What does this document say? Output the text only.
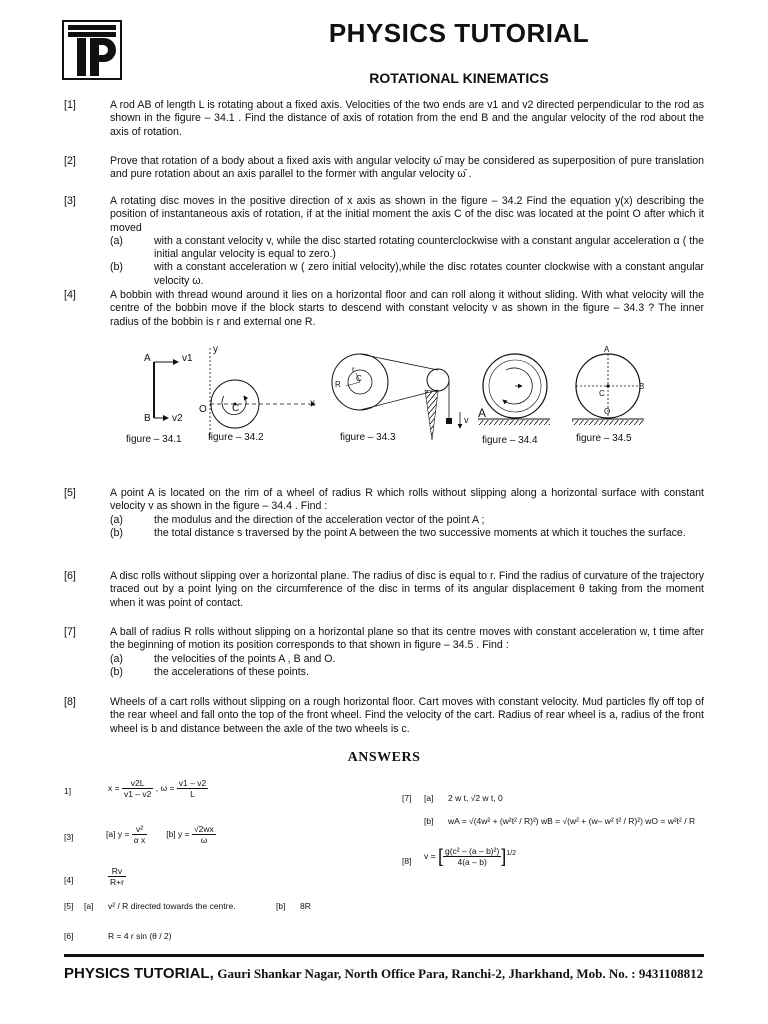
PHYSICS TUTORIAL
ROTATIONAL KINEMATICS
[1]	A rod AB of length L is rotating about a fixed axis. Velocities of the two ends are v1 and v2 directed perpendicular to the rod as shown in the figure – 34.1 . Find the distance of axis of rotation from the end B and the angular velocity of the rod about the axis of rotation.
[2]	Prove that rotation of a body about a fixed axis with angular velocity ω̄ may be considered as superposition of pure translation and pure rotation about an axis parallel to the former with angular velocity ω̄ .
[3]	A rotating disc moves in the positive direction of x axis as shown in the figure – 34.2 Find the equation y(x) describing the position of instantaneous axis of rotation, if at the initial moment the axis C of the disc was located at the point O after which it moved
(a)	with a constant velocity v, while the disc started rotating counterclockwise with a constant angular acceleration α ( the initial angular velocity is equal to zero.)
(b)	with a constant acceleration w ( zero initial velocity),while the disc rotates counter clockwise with a constant angular velocity ω.
[4]	A bobbin with thread wound around it lies on a horizontal floor and can roll along it without sliding. With what velocity will the centre of the bobbin move if the block starts to descend with constant velocity v as shown in the figure – 34.3 ? The inner radius of the bobbin is r and external one R.
A	v1
y
B v2
O	C	x
R
r
C
v A
A
B
C
O
figure – 34.1	figure – 34.2	figure – 34.3	figure – 34.4	figure – 34.5
[5]	A point A is located on the rim of a wheel of radius R which rolls without slipping along a horizontal surface with constant velocity v as shown in the figure – 34.4 . Find :
(a)	the modulus and the direction of the acceleration vector of the point A ;
(b)	the total distance s traversed by the point A between the two successive moments at which it touches the surface.
[6]	A disc rolls without slipping over a horizontal plane. The radius of disc is equal to r. Find the radius of curvature of the trajectory traced out by a point lying on the circumference of the disc in terms of its angular displacement θ taking from the moment when it was point of contact.
[7]	A ball of radius R rolls without slipping on a horizontal plane so that its centre moves with constant acceleration w, t time after the beginning of motion its position corresponds to that shown in figure – 34.5 . Find :
(a)	the velocities of the points A , B and O.
(b)	the accelerations of these points.
[8]	Wheels of a cart rolls without slipping on a rough horizontal floor. Cart moves with constant velocity. Mud particles fly off top of the rear wheel and fall onto the top of the front wheel. Find the velocity of the cart. Radius of rear wheel is a, radius of the front wheel is b and distance between the axle of the two wheels is c.
ANSWERS
1]	$x = \frac{v2L}{v1 - v2}$ , $\omega = \frac{v1 - v2}{L}$
[3]	[a] $y = \frac{\text{v²}}{\text{α x}} [b] y = \frac{√2wx}{\omega}$
[4]	$\frac{Rv}{R+r}$
[5] [a] v² / R directed towards the centre.	[b] 8R
[6]	R = 4 r sin (θ / 2)
[7] [a] 2 w t, √2 w t, 0
[b] wA = √(4w² + (w²t² / R)²) wB = √(w² + (w– w² t² / R)²) wO = w²t² / R
[8]
v = [ $\frac{\text{g(c² – (a – b)²)}}{4(a - b)} ]^{1/2}$
PHYSICS TUTORIAL, Gauri Shankar Nagar, North Office Para, Ranchi-2, Jharkhand, Mob. No. : 9431108812
